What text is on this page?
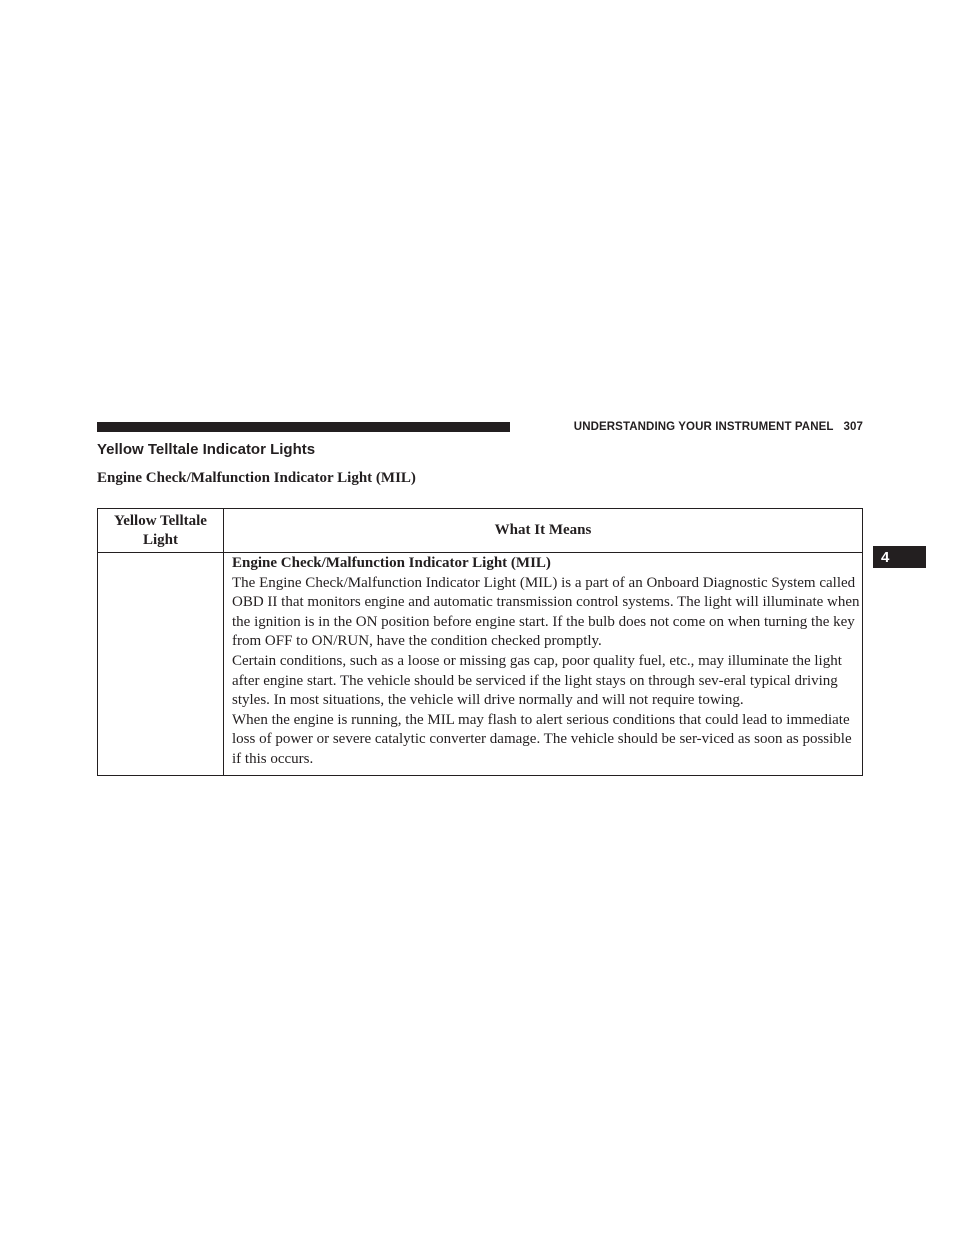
UNDERSTANDING YOUR INSTRUMENT PANEL 307
Yellow Telltale Indicator Lights
Engine Check/Malfunction Indicator Light (MIL)
4
Yellow Telltale Light	What It Means

	Engine Check/Malfunction Indicator Light (MIL)
The Engine Check/Malfunction Indicator Light (MIL) is a part of an Onboard Diagnostic System called OBD II that monitors engine and automatic transmission control systems. The light will illuminate when the ignition is in the ON position before engine start. If the bulb does not come on when turning the key from OFF to ON/RUN, have the condition checked promptly.
Certain conditions, such as a loose or missing gas cap, poor quality fuel, etc., may illuminate the light after engine start. The vehicle should be serviced if the light stays on through sev-eral typical driving styles. In most situations, the vehicle will drive normally and will not require towing.
When the engine is running, the MIL may flash to alert serious conditions that could lead to immediate loss of power or severe catalytic converter damage. The vehicle should be ser-viced as soon as possible if this occurs.
